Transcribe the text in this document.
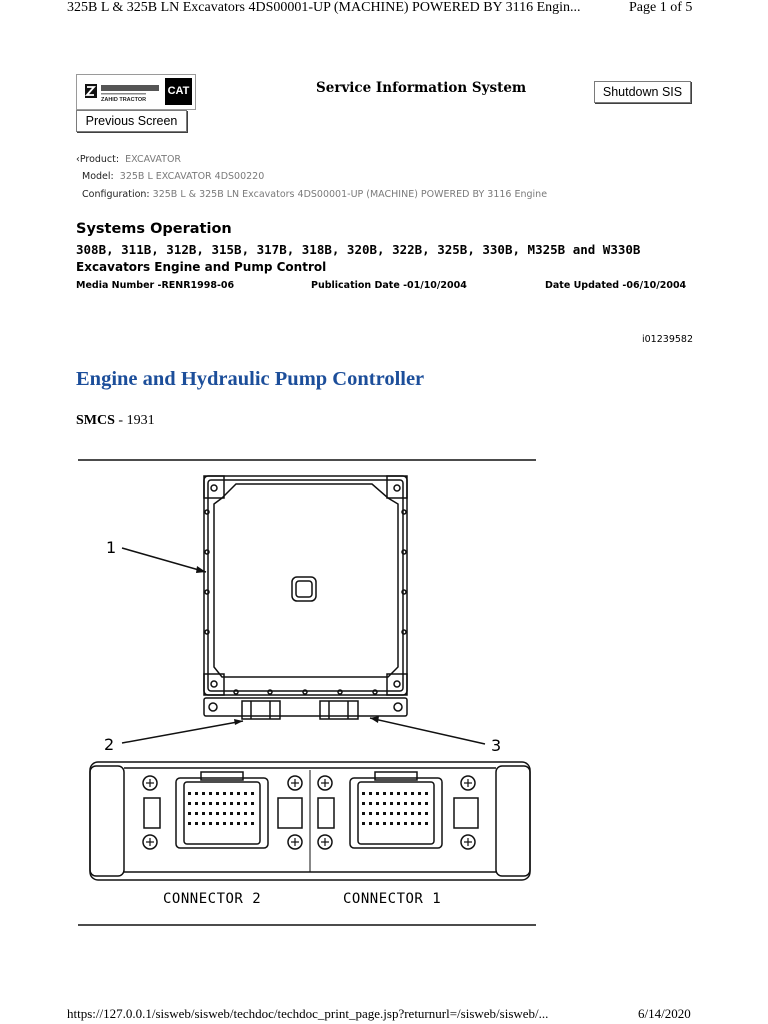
325B L & 325B LN Excavators 4DS00001-UP (MACHINE) POWERED BY 3116 Engin...	Page 1 of 5
ZAHID TRACTOR
CAT	Service Information System	Shutdown SIS
Previous Screen
‹Product: EXCAVATOR
Model: 325B L EXCAVATOR 4DS00220
Configuration: 325B L & 325B LN Excavators 4DS00001-UP (MACHINE) POWERED BY 3116 Engine
Systems Operation
308B, 311B, 312B, 315B, 317B, 318B, 320B, 322B, 325B, 330B, M325B and W330B
Excavators Engine and Pump Control
Media Number -RENR1998-06	Publication Date -01/10/2004	Date Updated -06/10/2004
i01239582
Engine and Hydraulic Pump Controller
SMCS - 1931
1
2	3
CONNECTOR 2	CONNECTOR 1
https://127.0.0.1/sisweb/sisweb/techdoc/techdoc_print_page.jsp?returnurl=/sisweb/sisweb/...	6/14/2020
